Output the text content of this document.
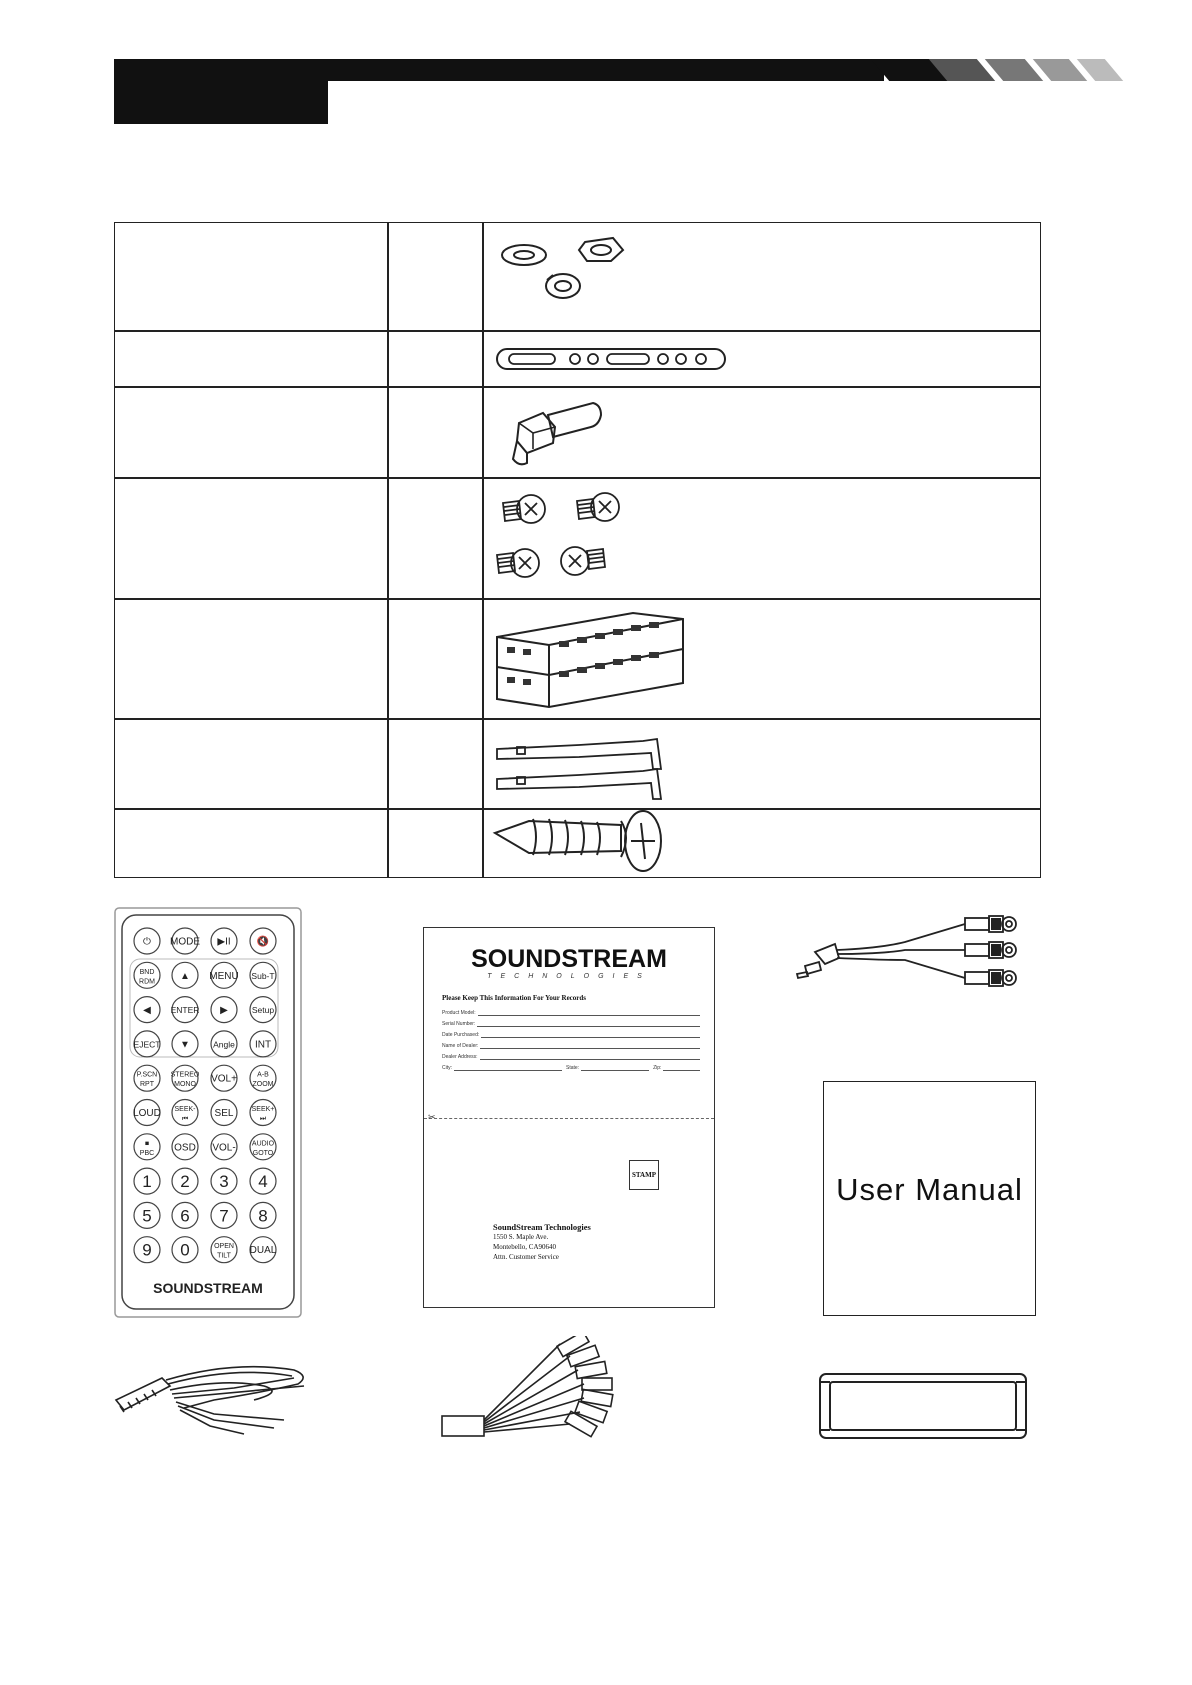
⏻ MODE ▶II	🔇
BND
RDM	▲ MENU Sub-T
◀ ENTER ▶	Setup
EJECT ▼	Angle INT
P.SCN
RPT
STEREO
MONO VOL+	A-B
ZOOM
LOUD SEEK-
⏮	SEL	SEEK+
⏭
■
PBC OSD VOL- AUDIO
GOTO
1 2 3 4
5 6 7 8
9 0	OPEN
TILT DUAL
SOUNDSTREAM
SOUNDSTREAM
TECHNOLOGIES
Please Keep This Information For Your Records
Product Model:
Serial Number:
Date Purchased:
Name of Dealer:
Dealer Address:
City:	State:	Zip:
✂
STAMP
SoundStream Technologies
1550 S. Maple Ave.
Montebello, CA90640
Attn. Customer Service
User Manual
